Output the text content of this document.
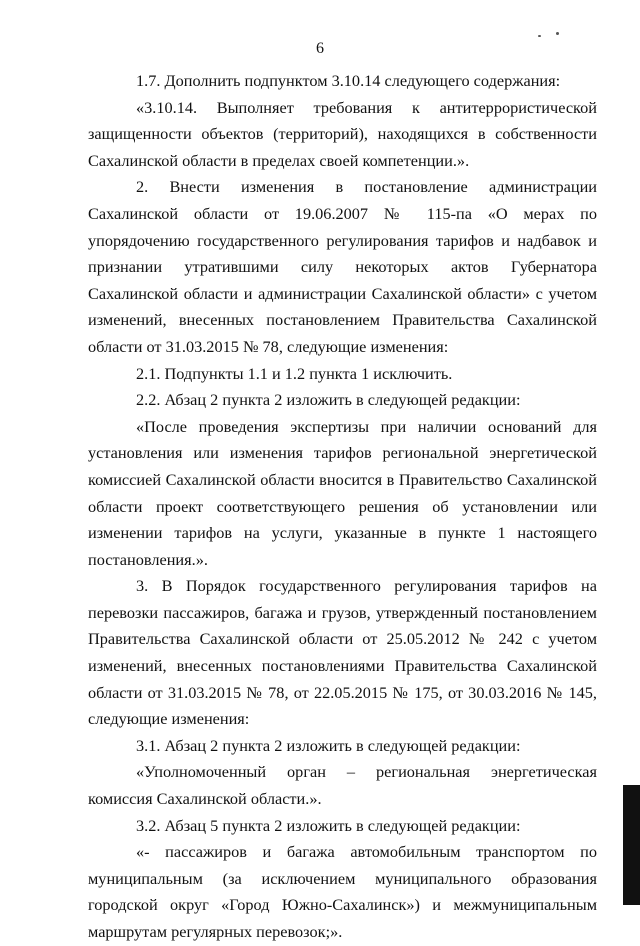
6

1.7. Дополнить подпунктом 3.10.14 следующего содержания:

«3.10.14. Выполняет требования к антитеррористической защищенности объектов (территорий), находящихся в собственности Сахалинской области в пределах своей компетенции.».

2. Внести изменения в постановление администрации Сахалинской области от 19.06.2007 № 115-па «О мерах по упорядочению государственного регулирования тарифов и надбавок и признании утратившими силу некоторых актов Губернатора Сахалинской области и администрации Сахалинской области» с учетом изменений, внесенных постановлением Правительства Сахалинской области от 31.03.2015 № 78, следующие изменения:

2.1. Подпункты 1.1 и 1.2 пункта 1 исключить.

2.2. Абзац 2 пункта 2 изложить в следующей редакции:

«После проведения экспертизы при наличии оснований для установления или изменения тарифов региональной энергетической комиссией Сахалинской области вносится в Правительство Сахалинской области проект соответствующего решения об установлении или изменении тарифов на услуги, указанные в пункте 1 настоящего постановления.».

3. В Порядок государственного регулирования тарифов на перевозки пассажиров, багажа и грузов, утвержденный постановлением Правительства Сахалинской области от 25.05.2012 № 242 с учетом изменений, внесенных постановлениями Правительства Сахалинской области от 31.03.2015 № 78, от 22.05.2015 № 175, от 30.03.2016 № 145, следующие изменения:

3.1. Абзац 2 пункта 2 изложить в следующей редакции:

«Уполномоченный орган – региональная энергетическая комиссия Сахалинской области.».

3.2. Абзац 5 пункта 2 изложить в следующей редакции:

«- пассажиров и багажа автомобильным транспортом по муниципальным (за исключением муниципального образования городской округ «Город Южно-Сахалинск») и межмуниципальным маршрутам регулярных перевозок;».
